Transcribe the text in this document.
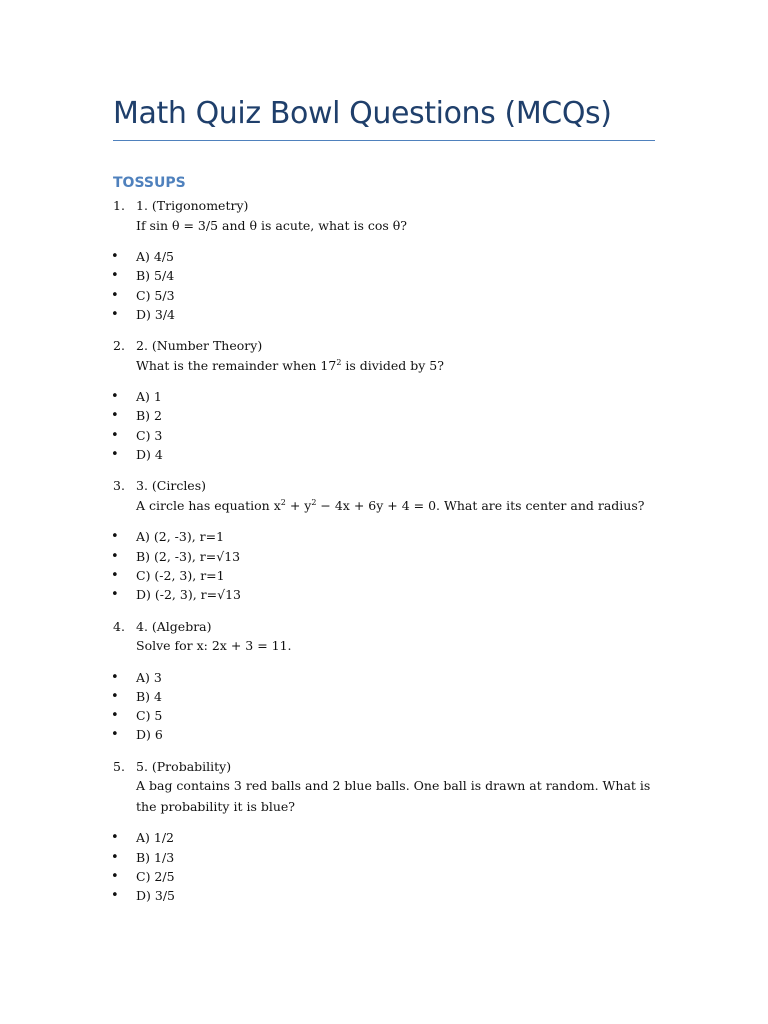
Math Quiz Bowl Questions (MCQs)
TOSSUPS
1. 1. (Trigonometry)
If sin θ = 3/5 and θ is acute, what is cos θ?
• A) 4/5
• B) 5/4
• C) 5/3
• D) 3/4
2. 2. (Number Theory)
What is the remainder when $17^2$ is divided by 5?
• A) 1
• B) 2
• C) 3
• D) 4
3. 3. (Circles)
A circle has equation $x^2 + y^2 - 4x + 6y + 4 = 0$. What are its center and radius?
• A) (2, -3), r=1
• B) (2, -3), r=√13
• C) (-2, 3), r=1
• D) (-2, 3), r=√13
4. 4. (Algebra)
Solve for x: 2x + 3 = 11.
• A) 3
• B) 4
• C) 5
• D) 6
5. 5. (Probability)
A bag contains 3 red balls and 2 blue balls. One ball is drawn at random. What is the probability it is blue?
• A) 1/2
• B) 1/3
• C) 2/5
• D) 3/5
